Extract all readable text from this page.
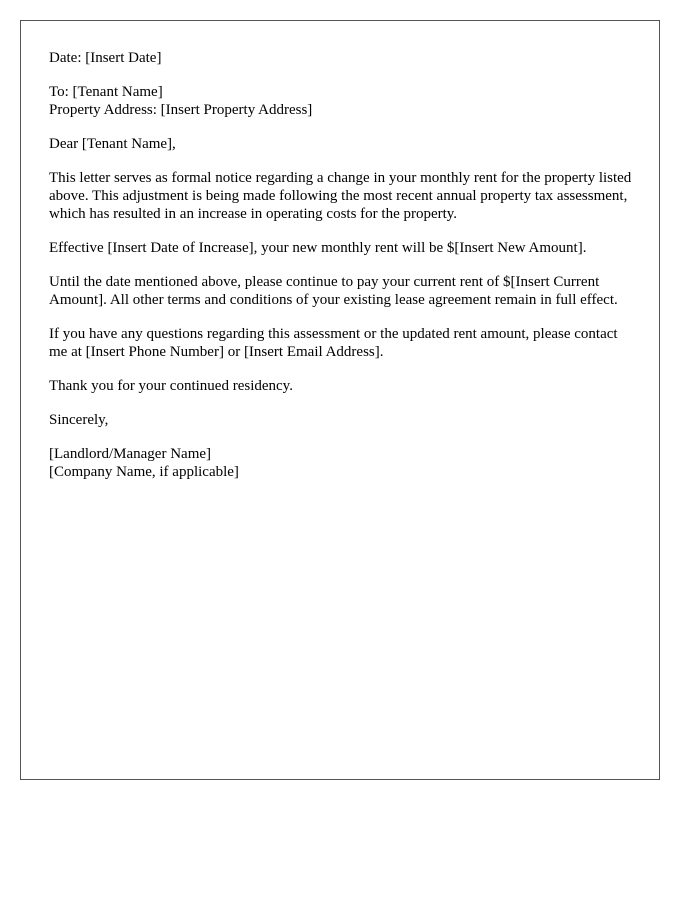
Date: [Insert Date]

To: [Tenant Name]
Property Address: [Insert Property Address]

Dear [Tenant Name],

This letter serves as formal notice regarding a change in your monthly rent for the property listed above. This adjustment is being made following the most recent annual property tax assessment, which has resulted in an increase in operating costs for the property.

Effective [Insert Date of Increase], your new monthly rent will be $[Insert New Amount].

Until the date mentioned above, please continue to pay your current rent of $[Insert Current Amount]. All other terms and conditions of your existing lease agreement remain in full effect.

If you have any questions regarding this assessment or the updated rent amount, please contact me at [Insert Phone Number] or [Insert Email Address].

Thank you for your continued residency.

Sincerely,

[Landlord/Manager Name]
[Company Name, if applicable]
